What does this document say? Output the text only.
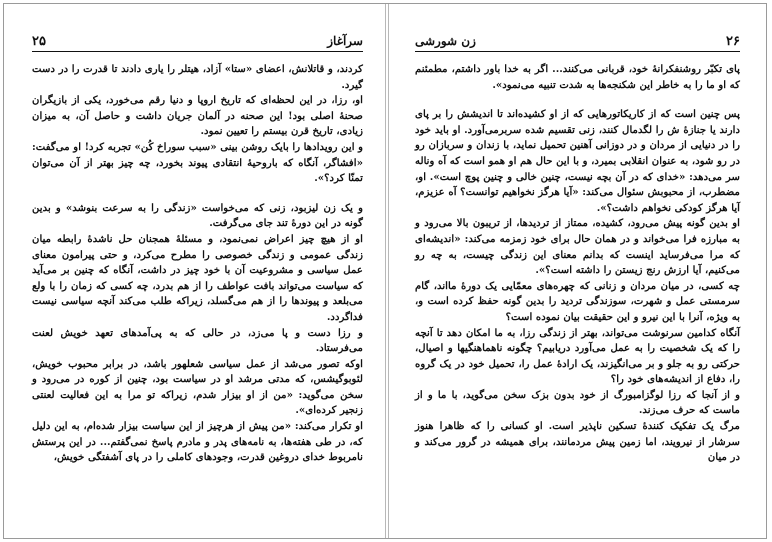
۲۵	سرآغاز

کردند، و قاتلانش، اعضای «ستا» آزاد، هیتلر را یاری دادند تا قدرت را در دست گیرد.

او، رزا، در این لحظه‌ای که تاریخ اروپا و دنیا رقم می‌خورد، یکی از بازیگران صحنهٔ اصلی بود! این صحنه در آلمان جریان داشت و حاصل آن، به میزان زیادی، تاریخ قرن بیستم را تعیین نمود.

و این رویدادها را بایک روشن بینی «سبب سوراخ کُن» تجربه کرد! او می‌گفت: «افشاگر، آنگاه که باروحیهٔ انتقادی پیوند بخورد، چه چیز بهتر از آن می‌توان تمنّا کرد؟».

و یک زن لیزبود، زنی که می‌خواست «زندگی را به سرعت بنوشد» و بدین گونه در این دورهٔ تند جای می‌گرفت.

او از هیچ چیز اعراض نمی‌نمود، و مسئلهٔ همجنان حل ناشدهٔ رابطه میان زندگی عمومی و زندگی خصوصی را مطرح می‌کرد، و حتی پیرامون معنای عمل سیاسی و مشروعیت آن با خود چیز در داشت، آنگاه که چنین بر می‌آید که سیاست می‌تواند بافت عواطف را از هم بدرد، چه کسی که زمان را با ولع می‌بلعد و پیوندها را از هم می‌گسلد، زیراکه طلب می‌کند آنچه سیاسی نیست فداگردد.

و رزا دست و پا می‌زد، در حالی که به پی‌آمدهای تعهد خویش لعنت می‌فرستاد.

اوکه تصور می‌شد از عمل سیاسی شعلهور باشد، در برابر محبوب خویش، لئوبوگیشس، که مدتی مرشد او در سیاست بود، چنین از کوره در می‌رود و سخن می‌گوید: «من از او بیزار شدم، زیراکه تو مرا به این فعالیت لعنتی زنجیر کرده‌ای».

او تکرار می‌کند: «من پیش از هرچیز از این سیاست بیزار شده‌ام، به این دلیل که، در طی هفته‌ها، به نامه‌های پدر و مادرم پاسخ نمی‌گفتم... در این پرستش نامربوط خدای دروغین قدرت، وجودهای کاملی را در پای آشفتگی خویش،

۲۶
زن شورشی

پای تکبّر روشنفکرانهٔ خود، قربانی می‌کنند... اگر به خدا باور داشتم، مطمئنم که او ما را به خاطر این شکنجه‌ها به شدت تنبیه می‌نمود».

پس چنین است که از کاریکاتورهایی که از او کشیده‌اند تا اندیشش را بر پای دارند یا جنازهٔ ش را لگدمال کنند، زنی تقسیم شده سربرمی‌آورد. او باید خود را در دنیایی از مردان و در دوزانی آهنین تحمیل نماید، با زندان و سربازان رو در رو شود، به عنوان انقلابی بمیرد، و با این حال هم او همو است که آه وناله سر می‌دهد: «خدای که در آن بچه نیست، چنین خالی و چنین پوچ است». او، مضطرب، از محبوبش سئوال می‌کند: «آیا هرگز نخواهیم توانست؟ آه عزیزم، آیا هرگز کودکی نخواهم داشت؟».

او بدین گونه پیش می‌رود، کشیده، ممتاز از تردیدها، از تریبون بالا می‌رود و به مبارزه فرا می‌خواند و در همان حال برای خود زمزمه می‌کند: «اندیشه‌ای که مرا می‌فرساید اینست که بدانم معنای این زندگی چیست، به چه رو می‌کنیم، آیا ارزش رنج زیستن را داشته است؟».

چه کسی، در میان مردان و زنانی که چهره‌های معمّایی یک دورهٔ ما‌اند، گام سرمستی عمل و شهرت، سوزندگی تردید را بدین گونه حفظ کرده است و، به ویژه، آنرا با این نیرو و این حقیقت بیان نموده است؟

آنگاه کدامین سرنوشت می‌تواند، بهتر از زندگی رزا، به ما امکان دهد تا آنچه را که یک شخصیت را به عمل می‌آورد دریابیم؟ چگونه ناهماهنگیها و اصیال، حرکتی رو به جلو و بر می‌انگیزند، یک ارادهٔ عمل را، تحمیل خود در یک گروه را، دفاع از اندیشه‌های خود را؟

و از آنجا که رزا لوگزامبورگ از خود بدون بزک سخن می‌گوید، با ما و از ماست که حرف می‌زند.

مرگ یک تفکیک کنندهٔ تسکین ناپذیر است. او کسانی را که ظاهرا هنوز سرشار از نیرویند، اما زمین پیش مردمانند، برای همیشه در گرور می‌کند و در میان
